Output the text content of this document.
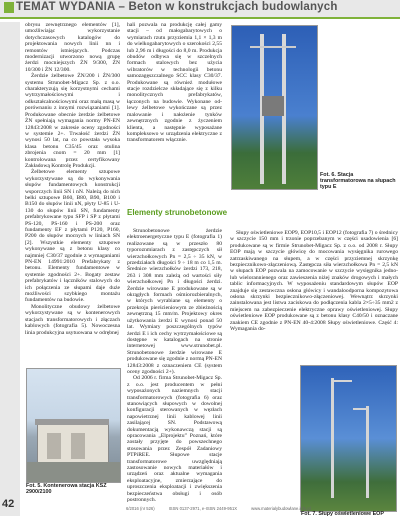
TEMAT WYDANIA – Beton w konstrukcjach budowlanych
42

obrysu zewnętrznego elementów [1], umożliwiając wykorzystanie dotychczasowych katalogów do projektowania nowych linii nn i remontów istniejących. Podczas modernizacji utworzono nową grupę żerdzi mocniejszych ŻN 9/300, ŻN 10/300 i ŻN 12/300.

Żerdzie żelbetowe ŻN/200 i ŻN/300 systemu Strunobet-Migacz Sp. z o.o. charakteryzują się korzystnymi cechami wytrzymałościowymi i odkształcalnościowymi oraz małą masą w porównaniu z innymi rozwiązaniami [1]. Produkowane obecnie żerdzie żelbetowe ŻN spełniają wymagania normy PN-EN 12843:2008 w zakresie oceny zgodności w systemie 2+. Trwałość żerdzi ŻN wynosi 50 lat, na co powstała wysoka klasa betonu C35/45 oraz otulina zbrojenia cnom = 20 mm [1] kontrolowana przez certyfikowany Zakładową Kontrolę Produkcji.

Żelbetowe elementy sztupowe wykorzystywane są do wykonywania słupów fundamentowych konstrukcji wsporczych linii SN i nN. Należą do nich belki sztupowe B60, B80, B90, B100 i B150 do słupów linii nN, płyty U-85 i U-130 do słupów linii SN, fundamenty prefabrykowane typu SFP i SP z płytami PS-120, PS-160 i PS-200 oraz fundamenty EF z płytami P120, P160, P200 do słupów mocnych w liniach SN [2]. Wszystkie elementy sztupowe wykonywane są z betonu klasy co najmniej C30/37 zgodnie z wymaganiami PN-EN 14991:2010 Prefabrykaty z betonu. Elementy fundamentowe w systemie zgodności 2+. Bogaty zestaw prefabrykatów i łączników stalowych do ich połączenia ze słupami daje duże możliwości szybkiego montażu fundamentów na budowie.

Monolityczne obudowy żelbetowe wykorzystywane są w kontenerowych stacjach transformatorowych i złączach kablowych (fotografia 5). Nowoczesna linia produkcyjna usytuowana w odrębnej

hali pozwala na produkcję całej gamy stacji – od małogabarytowych o wymiarach rzutu przyziemia 1,1 × 1,3 m do wielkogabarytowych o szerokości 2,55 lub 2,96 m i długości do 8,0 m. Produkcja obudów odbywa się w szczelnych formach stalowych bez użycia wibratorów w technologii betonu samozagęszczalnego SCC klasy C30/37. Produkowane są również modułowe stacje rozdzielcze składające się z kilku monolitycznych prefabrykatów, łączonych na budowie. Wykonane od-lewy żelbetowe wykończane są przez malowanie i nałożenie tynków zewnętrznych zgodnie z życzeniem klienta, a następnie wyposażane kompleksowo w urządzenia elektryczne z transformatorem włącznie.

Elementy strunobetonowe

Strunobetonowe żerdzie elektroenergetyczne typu E (fotografia 1) realizowane są w przeszło 80 typoroznmiarach z zastępczych sił wierzchołkowych Pn = 2,5 ÷ 35 kN, w przedziałach długości 9 ÷ 18 m co 1,5 m. Średnice wierzchołków żerdzi 173, 218, 263 i 308 mm zależą od wartości siły wierzchołkowej Pn i długości żerdzi. Żerdzie wirowane E produkowane są w okrągłych formach ośmiorozbieralnych, w których wyrabiane są elementy o przekroju pierścieniowym ze zbieżnością zewnętrzną 15 mm/m. Projektowy okres użytkowania żerdzi E wynosi ponad 50 lat. Wymiary poszczególnych typów żerdzi E i ich cechy wytrzymałościowe są dostępne w katalogach na stronie internetowej www.strunobet.pl. Strunobetonowe żerdzie wirowane E produkowane się zgodnie z normą PN-EN 12843:2008 z oznaczeniem CE (system oceny zgodności 2+).

Od 2006 r. firma Strunobet-Migacz Sp. z o.o. jest producentem w pełni wyposażonych naziemnych stacji transformatorowych (fotografia 6) oraz stanowiących słupowych w dowolnej konfiguracji sterowanych w węzłach napowietrznej linii kablowej linii zasilającej SN. Podstawową dokumentacją wykonawczą stacji są opracowania „Elprojektu” Poznań, które zostały przyjęte do powszechnego stosowania przez Zespół Zadaniowy PTPiREE. Słupowe stacje transformatorowe uwzględniają zastosowanie nowych materiałów i urządzeń oraz aktualne wymagania eksploatacyjne, zmierzające do uproszczenia eksploatacji i zwiększenia bezpieczeństwa obsługi i osób postronnych.

Słupy oświetleniowe EOP9, EOP10,5 i EOP12 (fotografia 7) o średnicy w szczycie 150 mm i trzonie poprzebanym w części usadowienia [6] produkowane są w firmie Strunobet-Migacz Sp. z o.o. od 2008 r. Słupy EOP mają w szczycie główicę do mocowania wysięgnika rurowego zatrzaskiwanego na słupem, a w części przyziemnej skrzynkę bezpiecznikowo-złączeniową. Zastępcza siła wierzchołkowa Pn = 2,5 kN w słupach EOP pozwala na zamocowanie w szczycie wysięgnika jedno- lub wielorannienego oraz zawieszenia niżej znaków drogowych i małych tablic informacyjnych. W wyposażeniu standardowym słupów EOP znajduje się zestawczna osłona główicy i wandaloodporna kompozytowa osłona skrzynki bezpiecznikowo-złączeniowej. Wewnątrz skrzynki zainstalowana jest listwa zaciskowa do podłączenia kabla 2×5÷35 mm2 z miejscem na zabezpieczenie elektryczne oprawy oświetleniowej. Słupy oświetleniowe EOP produkowane są z betonu klasy C40/50 i oznaczane znakiem CE zgodnie z PN-EN 40-4:2008 Słupy oświetleniowe. Część 4: Wymagania do-

Fot. 5. Kontenerowa stacja KSZ 2900/2100
Fot. 6. Stacja transformatorowa na słupach typu E
Fot. 7. Słupy oświetleniowe EOP
6/2016 (nr 526)	ISSN 0137-2971, e-ISSN 2449-951X	www.materialybudowlane.info.pl
